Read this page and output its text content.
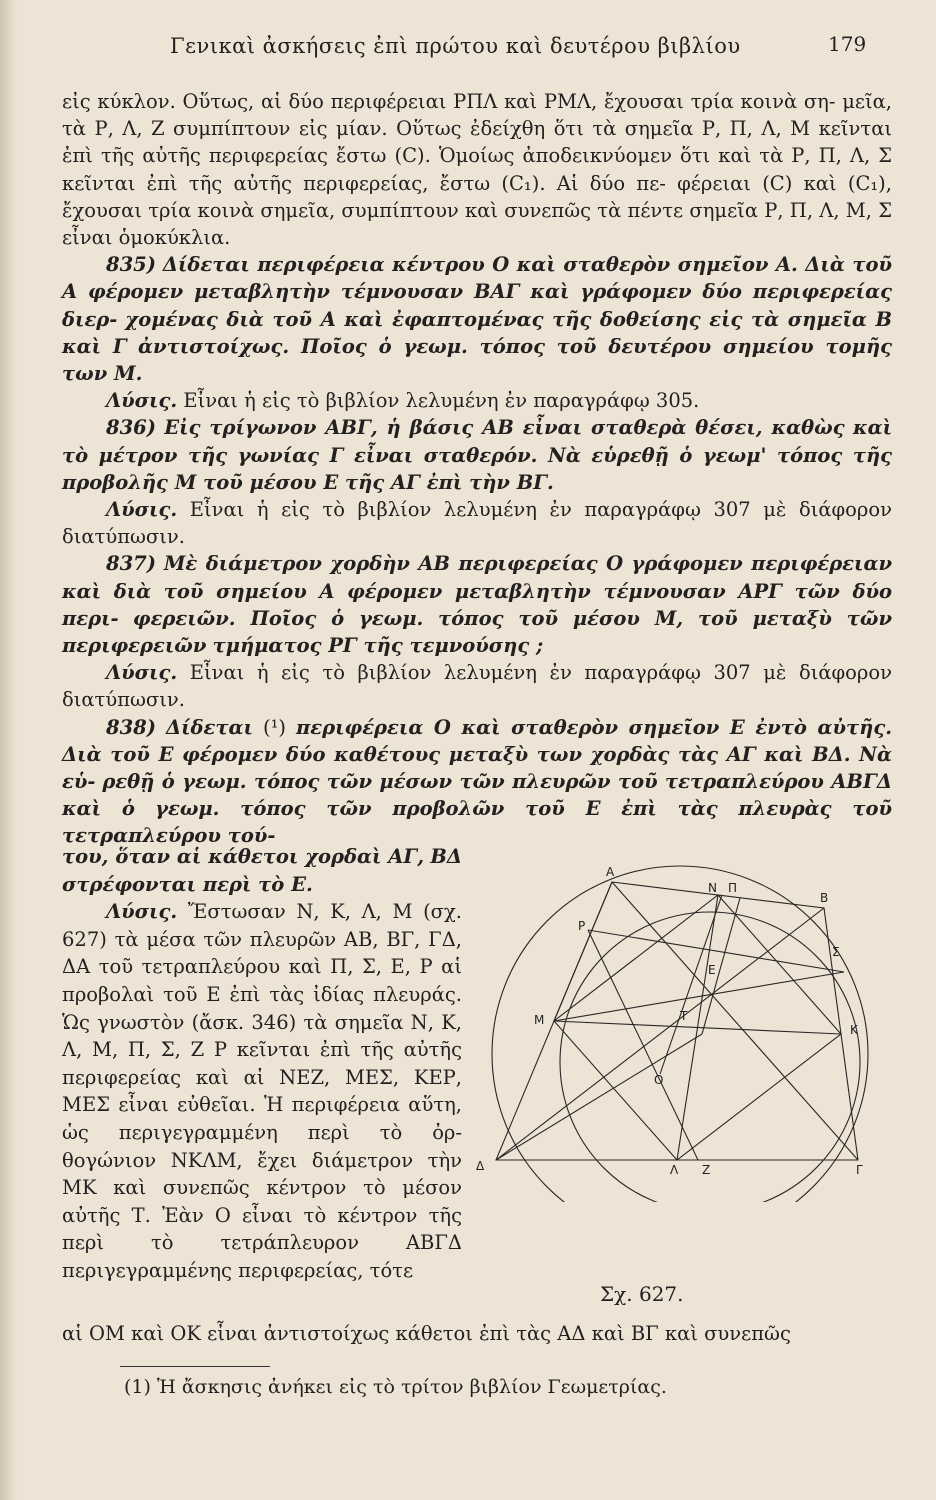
Γενικαὶ ἀσκήσεις ἐπὶ πρώτου καὶ δευτέρου βιβλίου	179

εἰς κύκλον. Οὕτως, αἱ δύο περιφέρειαι ΡΠΛ καὶ ΡΜΛ, ἔχουσαι τρία κοινὰ ση- μεῖα, τὰ Ρ, Λ, Ζ συμπίπτουν εἰς μίαν. Οὕτως ἐδείχθη ὅτι τὰ σημεῖα Ρ, Π, Λ, Μ κεῖνται ἐπὶ τῆς αὐτῆς περιφερείας ἔστω (C). Ὁμοίως ἀποδεικνύομεν ὅτι καὶ τὰ Ρ, Π, Λ, Σ κεῖνται ἐπὶ τῆς αὐτῆς περιφερείας, ἔστω (C₁). Αἱ δύο πε- φέρειαι (C) καὶ (C₁), ἔχουσαι τρία κοινὰ σημεῖα, συμπίπτουν καὶ συνεπῶς τὰ πέντε σημεῖα Ρ, Π, Λ, Μ, Σ εἶναι ὁμοκύκλια.

835) Δίδεται περιφέρεια κέντρου Ο καὶ σταθερὸν σημεῖον Α. Διὰ τοῦ Α φέρομεν μεταβλητὴν τέμνουσαν ΒΑΓ καὶ γράφομεν δύο περιφερείας διερ- χομένας διὰ τοῦ Α καὶ ἐφαπτομένας τῆς δοθείσης εἰς τὰ σημεῖα Β καὶ Γ ἀντιστοίχως. Ποῖος ὁ γεωμ. τόπος τοῦ δευτέρου σημείου τομῆς των Μ.

Λύσις. Εἶναι ἡ εἰς τὸ βιβλίον λελυμένη ἐν παραγράφῳ 305.

836) Εἰς τρίγωνον ΑΒΓ, ἡ βάσις ΑΒ εἶναι σταθερὰ θέσει, καθὼς καὶ τὸ μέτρον τῆς γωνίας Γ εἶναι σταθερόν. Νὰ εὑρεθῇ ὁ γεωμ' τόπος τῆς προβολῆς Μ τοῦ μέσου Ε τῆς ΑΓ ἐπὶ τὴν ΒΓ.

Λύσις. Εἶναι ἡ εἰς τὸ βιβλίον λελυμένη ἐν παραγράφῳ 307 μὲ διάφορον διατύπωσιν.

837) Μὲ διάμετρον χορδὴν ΑΒ περιφερείας Ο γράφομεν περιφέρειαν καὶ διὰ τοῦ σημείου Α φέρομεν μεταβλητὴν τέμνουσαν ΑΡΓ τῶν δύο περι- φερειῶν. Ποῖος ὁ γεωμ. τόπος τοῦ μέσου Μ, τοῦ μεταξὺ τῶν περιφερειῶν τμήματος ΡΓ τῆς τεμνούσης ;

Λύσις. Εἶναι ἡ εἰς τὸ βιβλίον λελυμένη ἐν παραγράφῳ 307 μὲ διάφορον διατύπωσιν.

838) Δίδεται (¹) περιφέρεια Ο καὶ σταθερὸν σημεῖον Ε ἐντὸ αὐτῆς. Διὰ τοῦ Ε φέρομεν δύο καθέτους μεταξὺ των χορδὰς τὰς ΑΓ καὶ ΒΔ. Νὰ εὑ- ρεθῇ ὁ γεωμ. τόπος τῶν μέσων τῶν πλευρῶν τοῦ τετραπλεύρου ΑΒΓΔ καὶ ὁ γεωμ. τόπος τῶν προβολῶν τοῦ Ε ἐπὶ τὰς πλευρὰς τοῦ τετραπλεύρου τού-

του, ὅταν αἱ κάθετοι χορδαὶ ΑΓ, ΒΔ στρέφονται περὶ τὸ Ε.

Λύσις. Ἔστωσαν Ν, Κ, Λ, Μ (σχ. 627) τὰ μέσα τῶν πλευρῶν ΑΒ, ΒΓ, ΓΔ, ΔΑ τοῦ τετραπλεύρου καὶ Π, Σ, Ε, Ρ αἱ προβολαὶ τοῦ Ε ἐπὶ τὰς ἰδίας πλευράς. Ὡς γνωστὸν (ἄσκ. 346) τὰ σημεῖα Ν, Κ, Λ, Μ, Π, Σ, Ζ Ρ κεῖνται ἐπὶ τῆς αὐτῆς περιφερείας καὶ αἱ ΝΕΖ, ΜΕΣ, ΚΕΡ, ΜΕΣ εἶναι εὐθεῖαι. Ἡ περιφέρεια αὕτη, ὡς περιγεγραμμένη περὶ τὸ ὀρ- θογώνιον ΝΚΛΜ, ἔχει διάμετρον τὴν ΜΚ καὶ συνεπῶς κέντρον τὸ μέσον αὐτῆς Τ. Ἐὰν Ο εἶναι τὸ κέντρον τῆς περὶ τὸ τετράπλευρον ΑΒΓΔ περιγεγραμμένης περιφερείας, τότε

A
N Π
B
P
Σ
E
M	T
K
O
Δ	Λ Z	Γ
Σχ. 627.
αἱ ΟΜ καὶ ΟΚ εἶναι ἀντιστοίχως κάθετοι ἐπὶ τὰς ΑΔ καὶ ΒΓ καὶ συνεπῶς
(1) Ἡ ἄσκησις ἀνήκει εἰς τὸ τρίτον βιβλίον Γεωμετρίας.
